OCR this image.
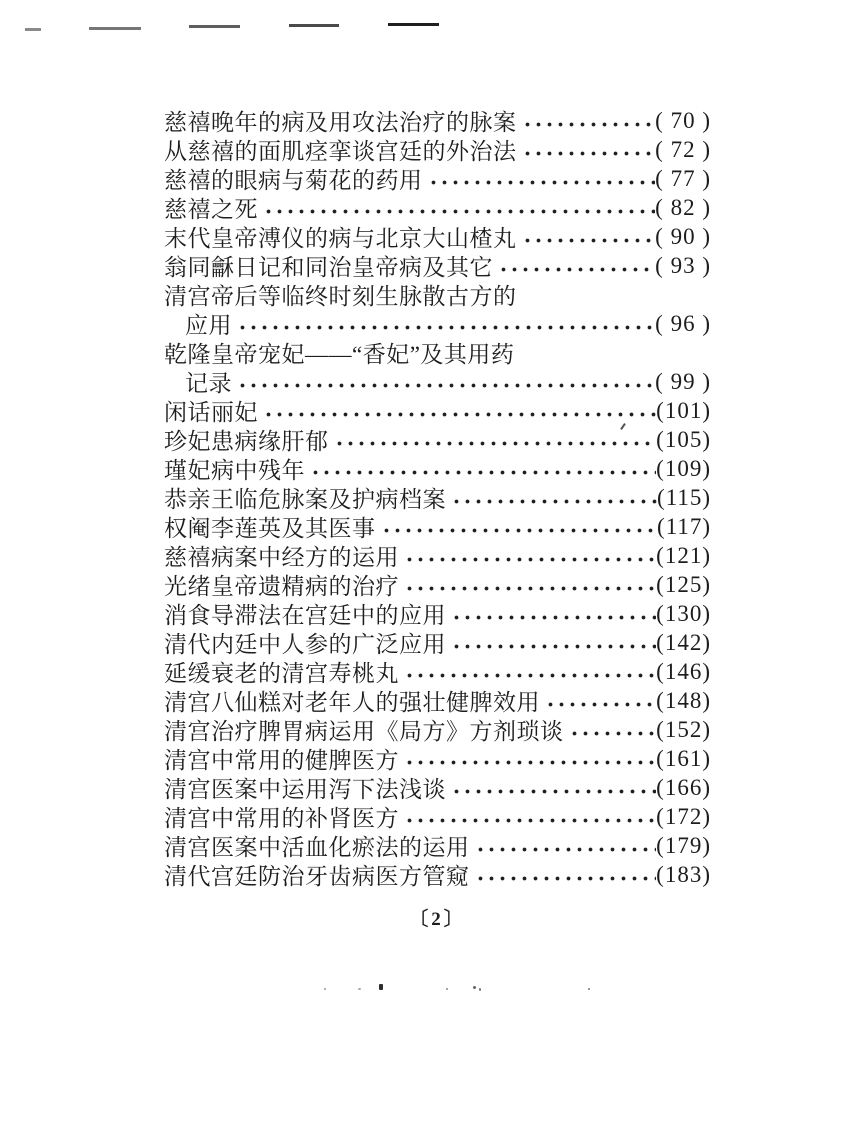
慈禧晚年的病及用攻法治疗的脉案	( 70 )
从慈禧的面肌痉挛谈宫廷的外治法	( 72 )
慈禧的眼病与菊花的药用	( 77 )
慈禧之死	( 82 )
末代皇帝溥仪的病与北京大山楂丸	( 90 )
翁同龢日记和同治皇帝病及其它	( 93 )
清宫帝后等临终时刻生脉散古方的
应用	( 96 )
乾隆皇帝宠妃——“香妃”及其用药
记录	( 99 )
闲话丽妃	(101)
珍妃患病缘肝郁	(105)
瑾妃病中残年	(109)
恭亲王临危脉案及护病档案	(115)
权阉李莲英及其医事	(117)
慈禧病案中经方的运用	(121)
光绪皇帝遗精病的治疗	(125)
消食导滞法在宫廷中的应用	(130)
清代内廷中人参的广泛应用	(142)
延缓衰老的清宫寿桃丸	(146)
清宫八仙糕对老年人的强壮健脾效用	(148)
清宫治疗脾胃病运用《局方》方剂琐谈	(152)
清宫中常用的健脾医方	(161)
清宫医案中运用泻下法浅谈	(166)
清宫中常用的补肾医方	(172)
清宫医案中活血化瘀法的运用	(179)
清代宫廷防治牙齿病医方管窥	(183)
〔2〕
